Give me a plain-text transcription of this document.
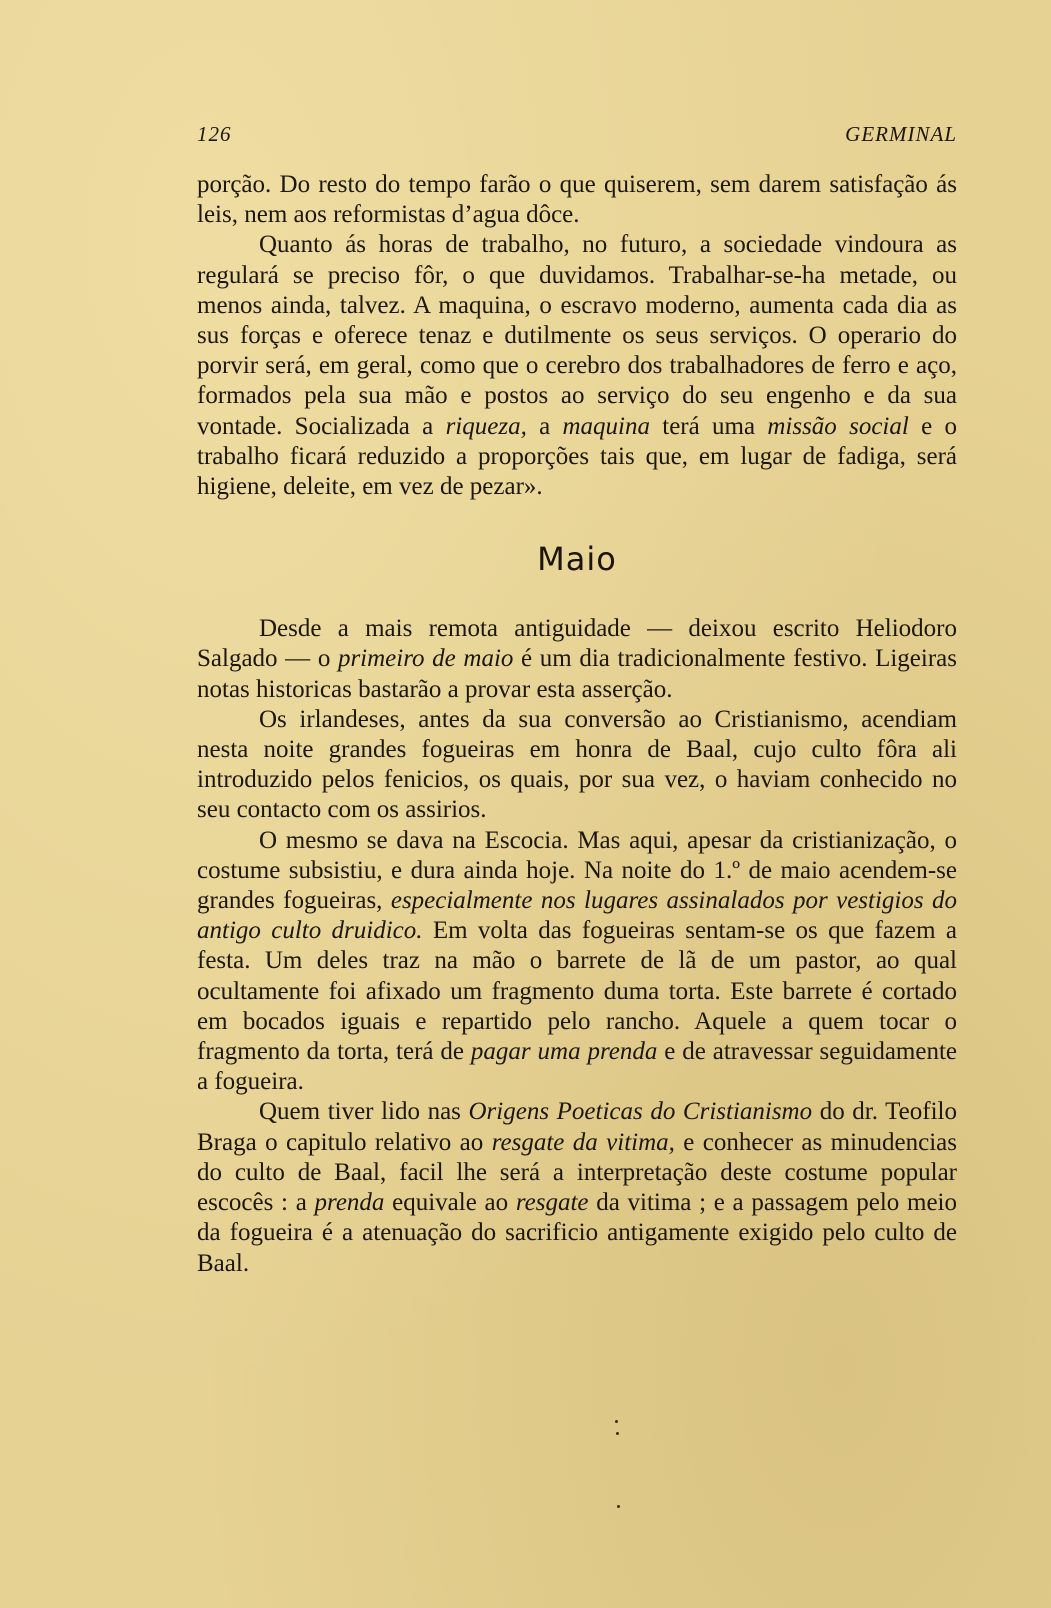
126	GERMINAL

porção. Do resto do tempo farão o que quiserem, sem darem satisfação ás leis, nem aos reformistas d’agua dôce.

Quanto ás horas de trabalho, no futuro, a sociedade vindoura as regulará se preciso fôr, o que duvidamos. Trabalhar-se-ha metade, ou menos ainda, talvez. A maquina, o escravo moderno, aumenta cada dia as sus forças e oferece tenaz e dutilmente os seus serviços. O operario do porvir será, em geral, como que o cerebro dos trabalhadores de ferro e aço, formados pela sua mão e postos ao serviço do seu engenho e da sua vontade. Socializada a riqueza, a maquina terá uma missão social e o trabalho ficará reduzido a proporções tais que, em lugar de fadiga, será higiene, deleite, em vez de pezar».

Maio

Desde a mais remota antiguidade — deixou escrito Heliodoro Salgado — o primeiro de maio é um dia tradicionalmente festivo. Ligeiras notas historicas bastarão a provar esta asserção.

Os irlandeses, antes da sua conversão ao Cristianismo, acendiam nesta noite grandes fogueiras em honra de Baal, cujo culto fôra ali introduzido pelos fenicios, os quais, por sua vez, o haviam conhecido no seu contacto com os assirios.

O mesmo se dava na Escocia. Mas aqui, apesar da cristianização, o costume subsistiu, e dura ainda hoje. Na noite do 1.º de maio acendem-se grandes fogueiras, especialmente nos lugares assinalados por vestigios do antigo culto druidico. Em volta das fogueiras sentam-se os que fazem a festa. Um deles traz na mão o barrete de lã de um pastor, ao qual ocultamente foi afixado um fragmento duma torta. Este barrete é cortado em bocados iguais e repartido pelo rancho. Aquele a quem tocar o fragmento da torta, terá de pagar uma prenda e de atravessar seguidamente a fogueira.

Quem tiver lido nas Origens Poeticas do Cristianismo do dr. Teofilo Braga o capitulo relativo ao resgate da vitima, e conhecer as minudencias do culto de Baal, facil lhe será a interpretação deste costume popular escocês : a prenda equivale ao resgate da vitima ; e a passagem pelo meio da fogueira é a atenuação do sacrificio antigamente exigido pelo culto de Baal.
